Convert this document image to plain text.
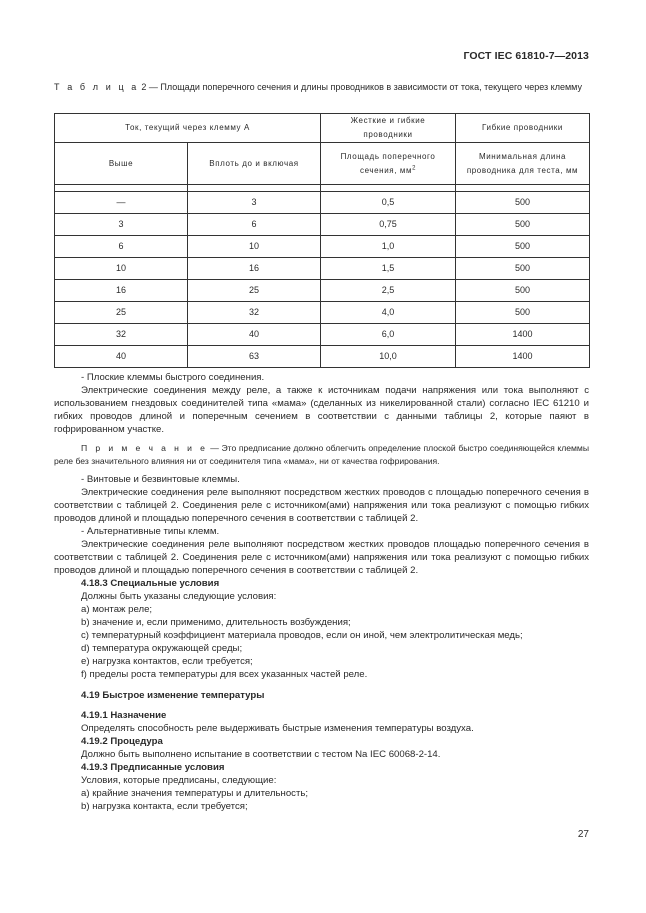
ГОСТ IEC 61810-7—2013
Т а б л и ц а 2 — Площади поперечного сечения и длины проводников в зависимости от тока, текущего через клемму
Ток, текущий через клемму А		Жесткие и гибкие проводники	Гибкие проводники
Выше	Вплоть до и включая	Площадь поперечного сечения, $мм^2$	Минимальная длина проводника для теста, мм

—	3	0,5	500
3	6	0,75	500
6	10	1,0	500
10	16	1,5	500
16	25	2,5	500
25	32	4,0	500
32	40	6,0	1400
40	63	10,0	1400
- Плоские клеммы быстрого соединения.
Электрические соединения между реле, а также к источникам подачи напряжения или тока выполняют с использованием гнездовых соединителей типа «мама» (сделанных из никелированной стали) согласно IEC 61210 и гибких проводов длиной и поперечным сечением в соответствии с данными таблицы 2, которые паяют в гофрированном участке.
П р и м е ч а н и е — Это предписание должно облегчить определение плоской быстро соединяющейся клеммы реле без значительного влияния ни от соединителя типа «мама», ни от качества гофрирования.
- Винтовые и безвинтовые клеммы.
Электрические соединения реле выполняют посредством жестких проводов с площадью поперечного сечения в соответствии с таблицей 2. Соединения реле с источником(ами) напряжения или тока реализуют с помощью гибких проводов длиной и площадью поперечного сечения в соответствии с таблицей 2.
- Альтернативные типы клемм.
Электрические соединения реле выполняют посредством жестких проводов площадью поперечного сечения в соответствии с таблицей 2. Соединения реле с источником(ами) напряжения или тока реализуют с помощью гибких проводов длиной и площадью поперечного сечения в соответствии с таблицей 2.
4.18.3 Специальные условия
Должны быть указаны следующие условия:
a) монтаж реле;
b) значение и, если применимо, длительность возбуждения;
c) температурный коэффициент материала проводов, если он иной, чем электролитическая медь;
d) температура окружающей среды;
e) нагрузка контактов, если требуется;
f) пределы роста температуры для всех указанных частей реле.
4.19 Быстрое изменение температуры
4.19.1 Назначение
Определять способность реле выдерживать быстрые изменения температуры воздуха.
4.19.2 Процедура
Должно быть выполнено испытание в соответствии с тестом Na IEC 60068-2-14.
4.19.3 Предписанные условия
Условия, которые предписаны, следующие:
a) крайние значения температуры и длительность;
b) нагрузка контакта, если требуется;
27
